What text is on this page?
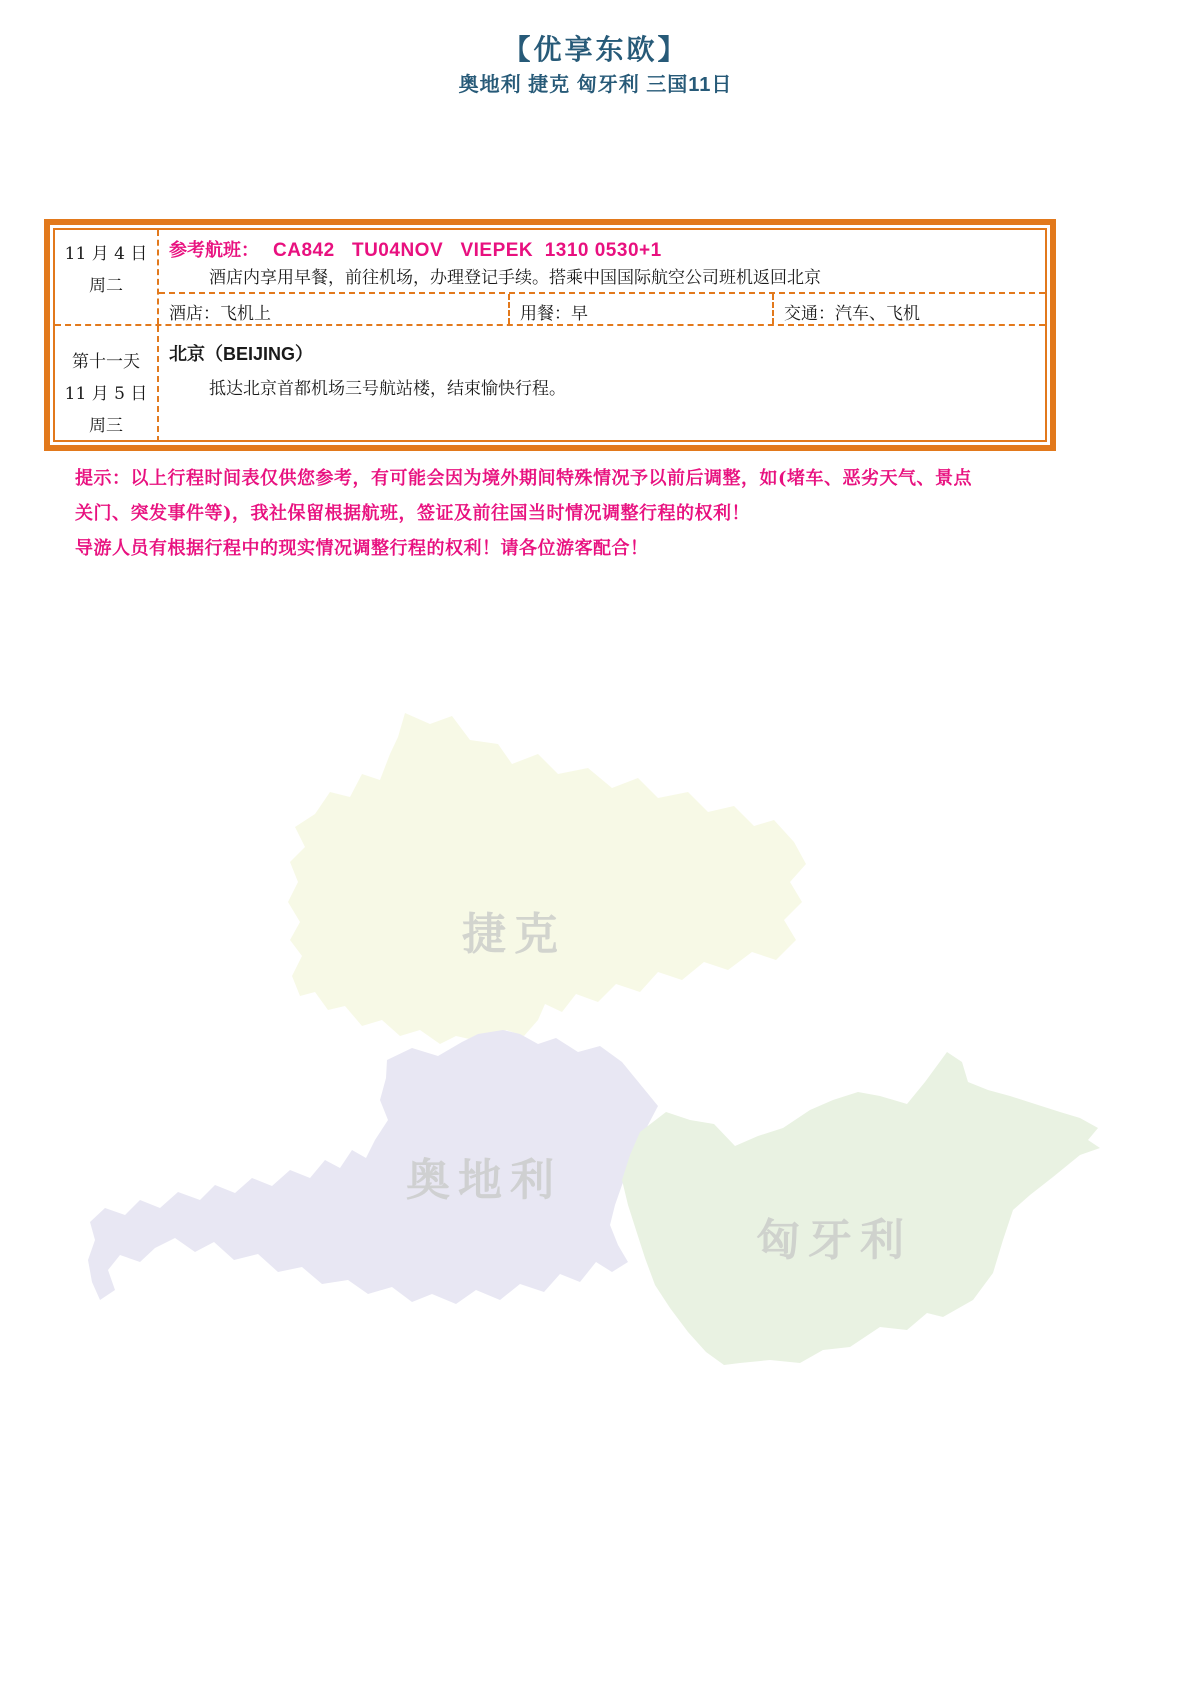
【优享东欧】
奥地利 捷克 匈牙利 三国11日
捷克
奥地利
匈牙利
11 月 4 日
周二
参考航班： CA842   TU04NOV   VIEPEK  1310 0530+1
酒店内享用早餐，前往机场，办理登记手续。搭乘中国国际航空公司班机返回北京
酒店：飞机上	用餐：早	交通：汽车、飞机
第十一天
11 月 5 日
周三
北京（BEIJING）
抵达北京首都机场三号航站楼，结束愉快行程。
提示：以上行程时间表仅供您参考，有可能会因为境外期间特殊情况予以前后调整，如(堵车、恶劣天气、景点
关门、突发事件等)，我社保留根据航班，签证及前往国当时情况调整行程的权利！
导游人员有根据行程中的现实情况调整行程的权利！请各位游客配合！
